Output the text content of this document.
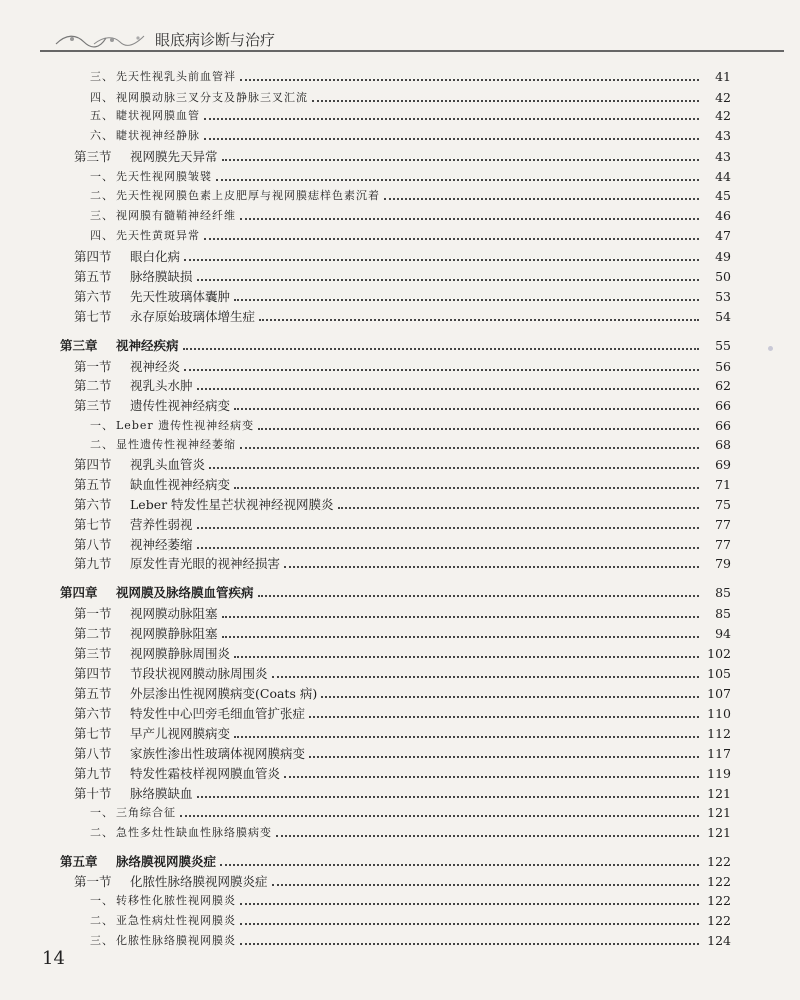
眼底病诊断与治疗
三、 先天性视乳头前血管袢	41
四、 视网膜动脉三叉分支及静脉三叉汇流	42
五、 睫状视网膜血管	42
六、 睫状视神经静脉	43
第三节	视网膜先天异常	43
一、 先天性视网膜皱襞	44
二、 先天性视网膜色素上皮肥厚与视网膜痣样色素沉着	45
三、 视网膜有髓鞘神经纤维	46
四、 先天性黄斑异常	47
第四节	眼白化病	49
第五节	脉络膜缺损	50
第六节	先天性玻璃体囊肿	53
第七节	永存原始玻璃体增生症	54
第三章	视神经疾病	55
第一节	视神经炎	56
第二节	视乳头水肿	62
第三节	遗传性视神经病变	66
一、 Leber 遗传性视神经病变	66
二、 显性遗传性视神经萎缩	68
第四节	视乳头血管炎	69
第五节	缺血性视神经病变	71
第六节	Leber 特发性星芒状视神经视网膜炎	75
第七节	营养性弱视	77
第八节	视神经萎缩	77
第九节	原发性青光眼的视神经损害	79
第四章	视网膜及脉络膜血管疾病	85
第一节	视网膜动脉阻塞	85
第二节	视网膜静脉阻塞	94
第三节	视网膜静脉周围炎	102
第四节	节段状视网膜动脉周围炎	105
第五节	外层渗出性视网膜病变(Coats 病)	107
第六节	特发性中心凹旁毛细血管扩张症	110
第七节	早产儿视网膜病变	112
第八节	家族性渗出性玻璃体视网膜病变	117
第九节	特发性霜枝样视网膜血管炎	119
第十节	脉络膜缺血	121
一、 三角综合征	121
二、 急性多灶性缺血性脉络膜病变	121
第五章	脉络膜视网膜炎症	122
第一节	化脓性脉络膜视网膜炎症	122
一、 转移性化脓性视网膜炎	122
二、 亚急性病灶性视网膜炎	122
三、 化脓性脉络膜视网膜炎	124
14
